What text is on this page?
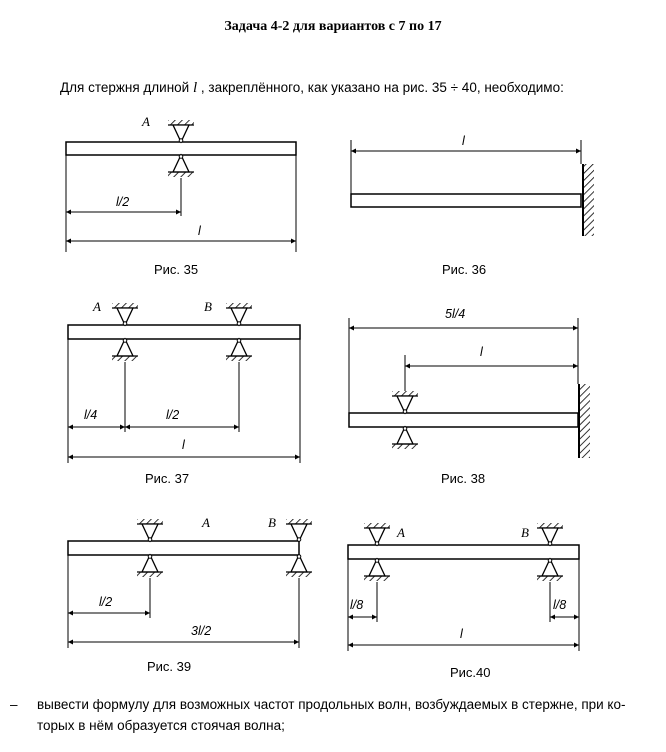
Задача 4-2 для вариантов с 7 по 17
Для стержня длиной l , закреплённого, как указано на рис. 35 ÷ 40, необходимо:
A
l/2
l
Рис. 35
l
Рис. 36
A	B
l/4	l/2
l
Рис. 37
5l/4
l
Рис. 38
A	B
l/2
3l/2
Рис. 39
A	B
l/8	l/8
l
Рис.40
– вывести формулу для возможных частот продольных волн, возбуждаемых в стержне, при ко-торых в нём образуется стоячая волна;
